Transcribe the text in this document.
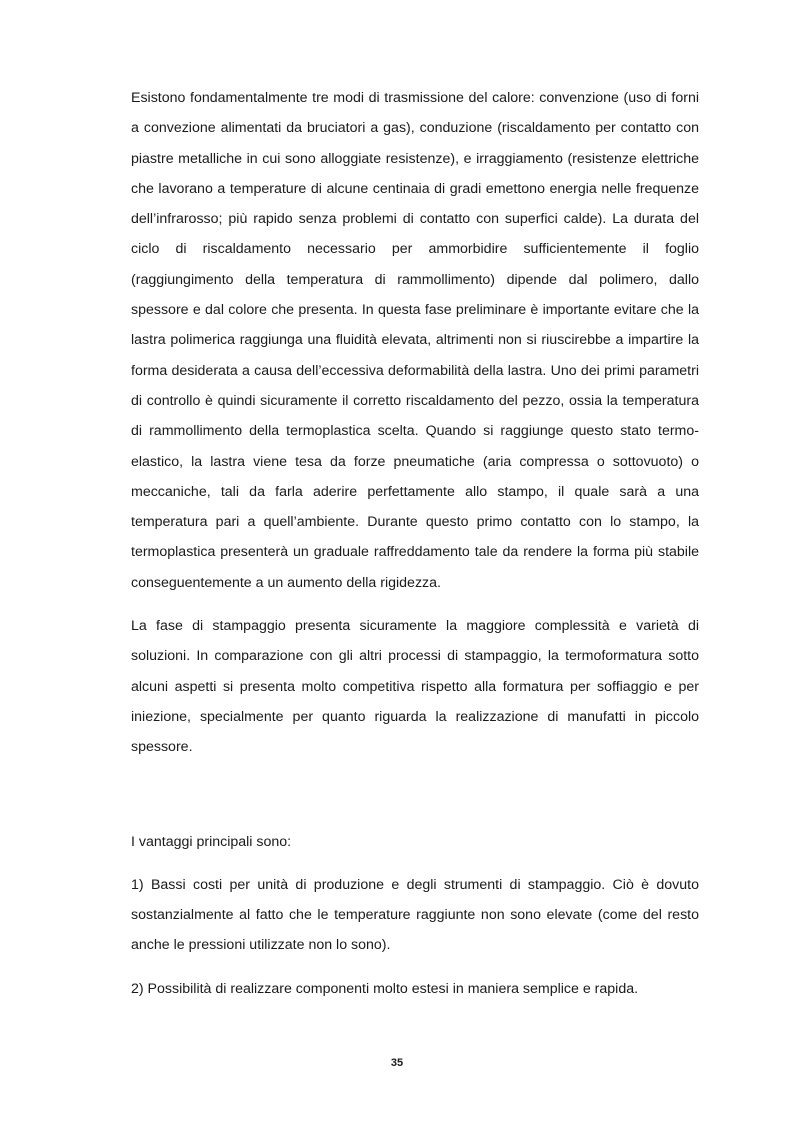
Esistono fondamentalmente tre modi di trasmissione del calore: convenzione (uso di forni a convezione alimentati da bruciatori a gas), conduzione (riscaldamento per contatto con piastre metalliche in cui sono alloggiate resistenze), e irraggiamento (resistenze elettriche che lavorano a temperature di alcune centinaia di gradi emettono energia nelle frequenze dell’infrarosso; più rapido senza problemi di contatto con superfici calde). La durata del ciclo di riscaldamento necessario per ammorbidire sufficientemente il foglio (raggiungimento della temperatura di rammollimento) dipende dal polimero, dallo spessore e dal colore che presenta. In questa fase preliminare è importante evitare che la lastra polimerica raggiunga una fluidità elevata, altrimenti non si riuscirebbe a impartire la forma desiderata a causa dell’eccessiva deformabilità della lastra. Uno dei primi parametri di controllo è quindi sicuramente il corretto riscaldamento del pezzo, ossia la temperatura di rammollimento della termoplastica scelta. Quando si raggiunge questo stato termo-elastico, la lastra viene tesa da forze pneumatiche (aria compressa o sottovuoto) o meccaniche, tali da farla aderire perfettamente allo stampo, il quale sarà a una temperatura pari a quell’ambiente. Durante questo primo contatto con lo stampo, la termoplastica presenterà un graduale raffreddamento tale da rendere la forma più stabile conseguentemente a un aumento della rigidezza.

La fase di stampaggio presenta sicuramente la maggiore complessità e varietà di soluzioni. In comparazione con gli altri processi di stampaggio, la termoformatura sotto alcuni aspetti si presenta molto competitiva rispetto alla formatura per soffiaggio e per iniezione, specialmente per quanto riguarda la realizzazione di manufatti in piccolo spessore.

I vantaggi principali sono:

1) Bassi costi per unità di produzione e degli strumenti di stampaggio. Ciò è dovuto sostanzialmente al fatto che le temperature raggiunte non sono elevate (come del resto anche le pressioni utilizzate non lo sono).

2) Possibilità di realizzare componenti molto estesi in maniera semplice e rapida.

35
